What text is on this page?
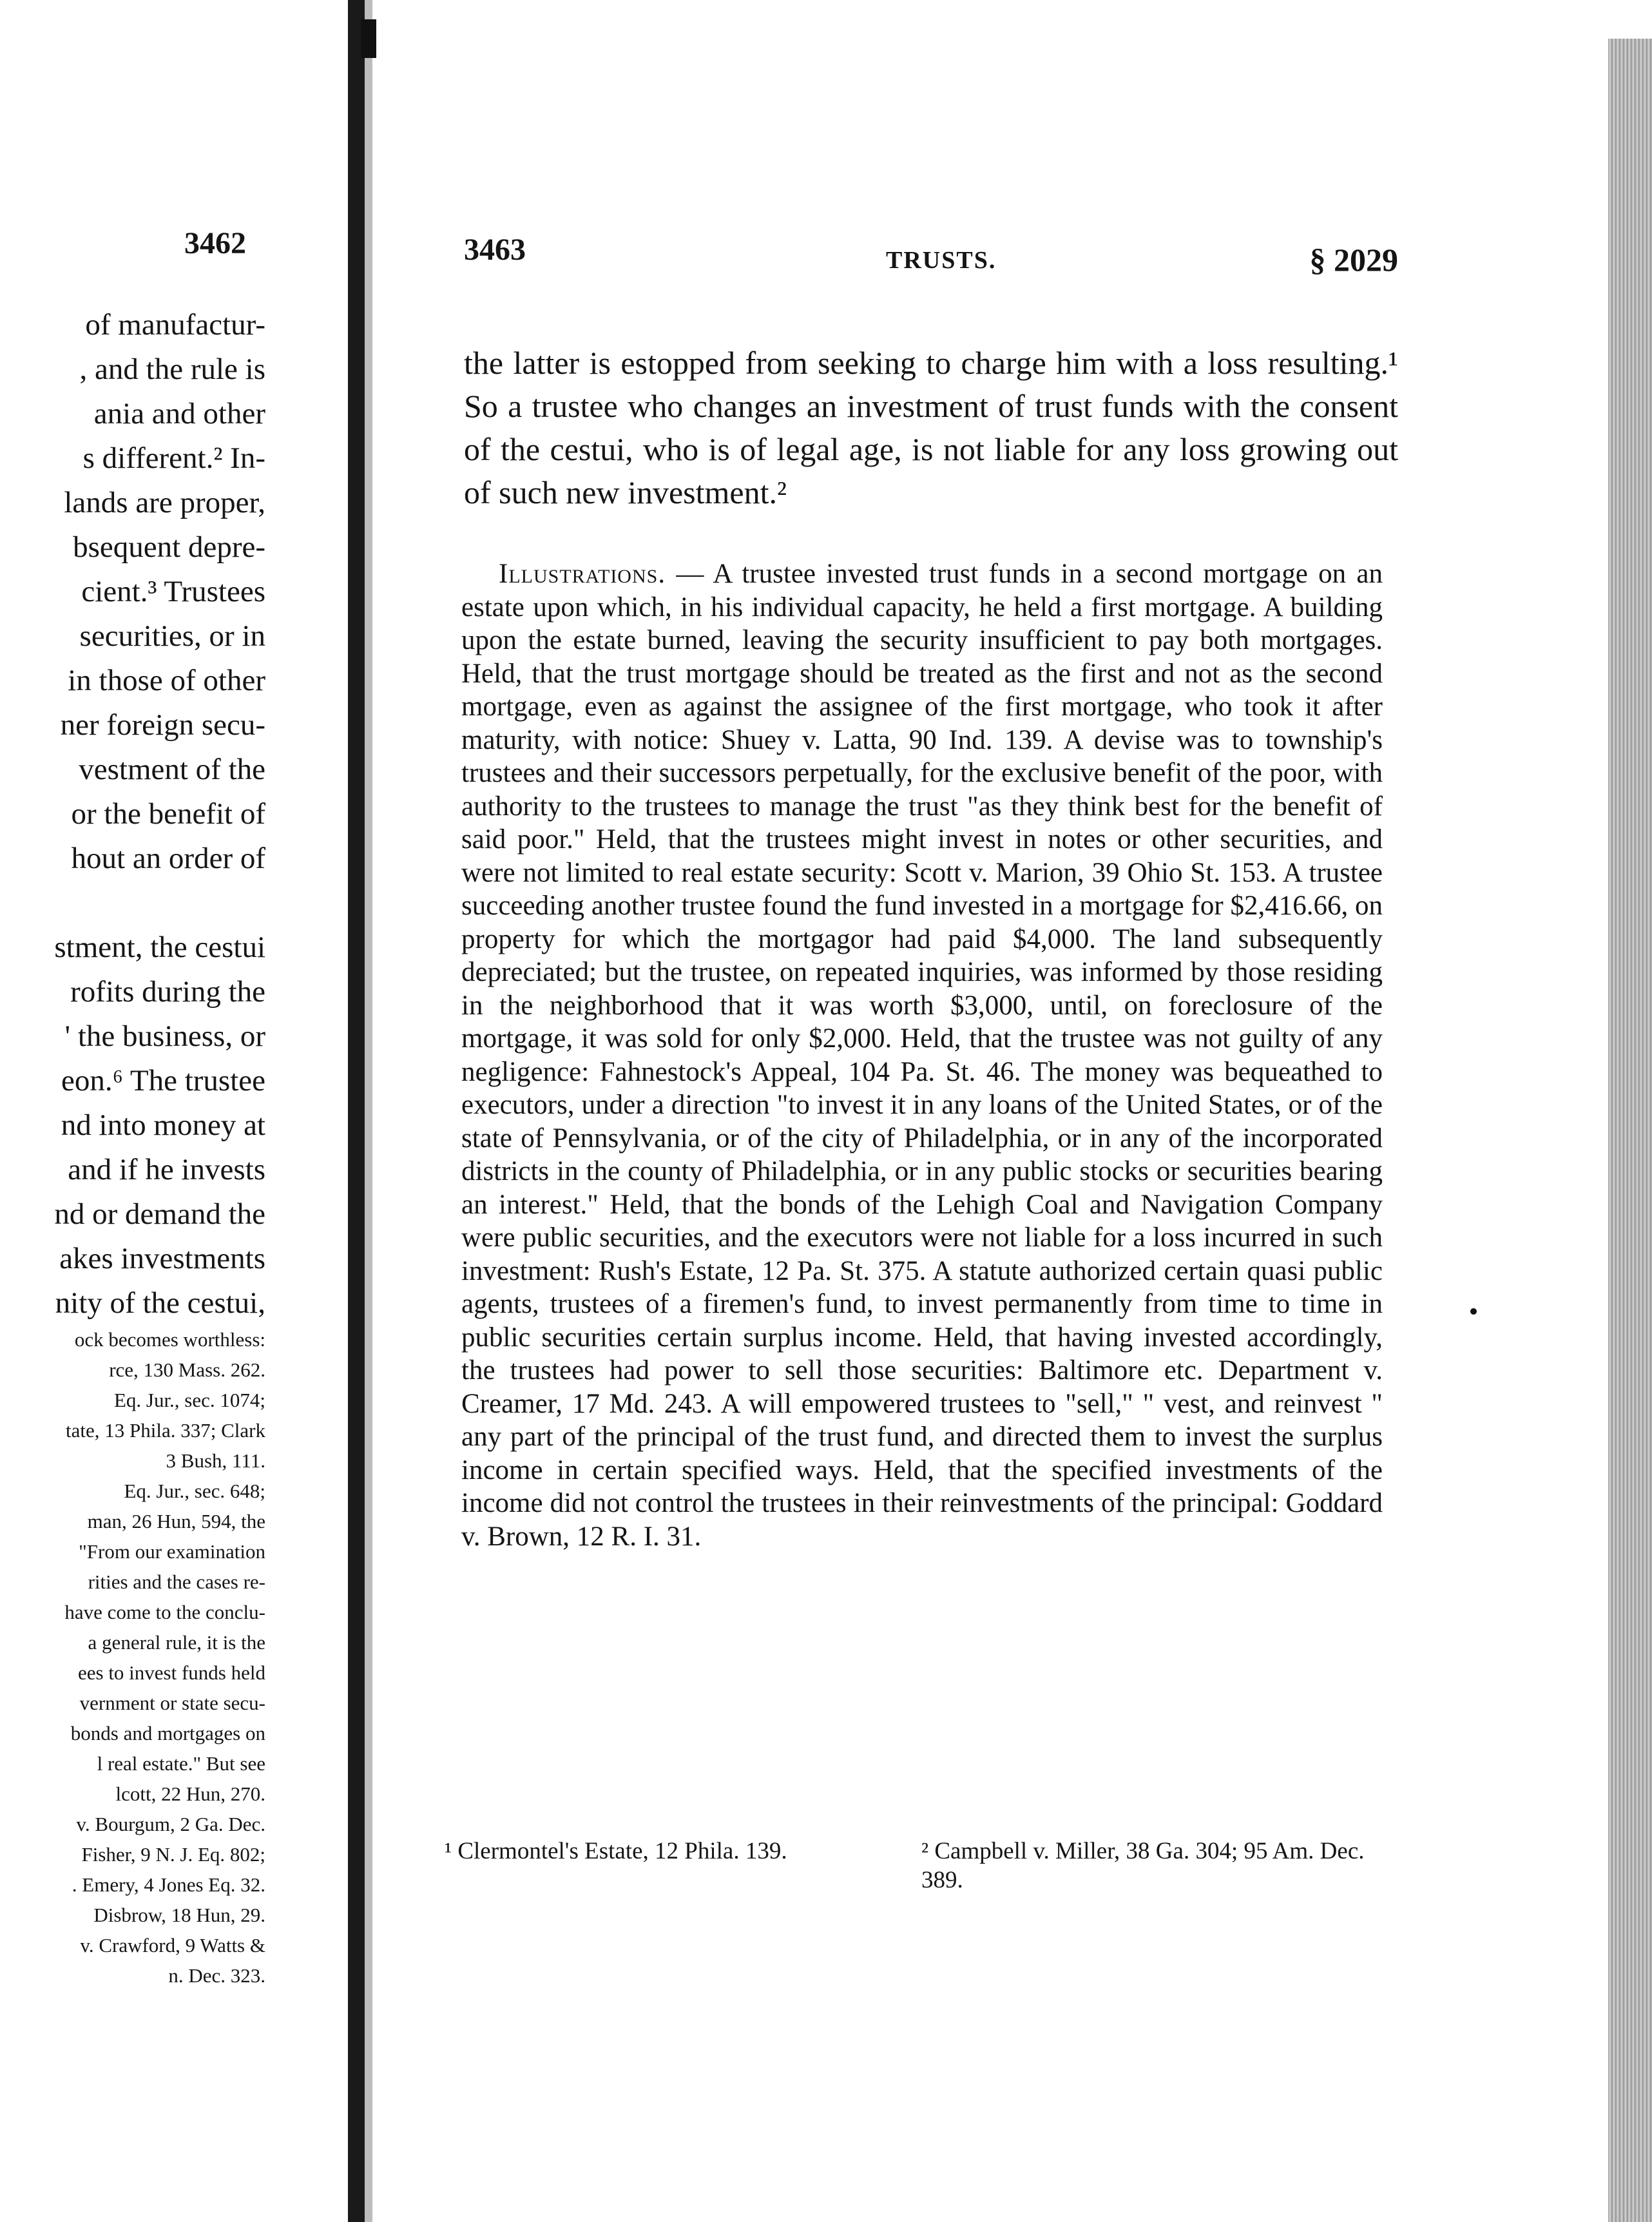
3462
of manufactur-
, and the rule is
ania and other
s different.² In-
lands are proper,
bsequent depre-
cient.³ Trustees
securities, or in
in those of other
ner foreign secu-
vestment of the
or the benefit of
hout an order of

stment, the cestui
rofits during the
' the business, or
eon.⁶ The trustee
nd into money at
and if he invests
nd or demand the
akes investments
nity of the cestui,
ock becomes worthless:
rce, 130 Mass. 262.
Eq. Jur., sec. 1074;
tate, 13 Phila. 337; Clark
3 Bush, 111.
Eq. Jur., sec. 648;
man, 26 Hun, 594, the
"From our examination
rities and the cases re-
have come to the conclu-
a general rule, it is the
ees to invest funds held
vernment or state secu-
bonds and mortgages on
l real estate." But see
lcott, 22 Hun, 270.
v. Bourgum, 2 Ga. Dec.
Fisher, 9 N. J. Eq. 802;
. Emery, 4 Jones Eq. 32.
Disbrow, 18 Hun, 29.
v. Crawford, 9 Watts &
n. Dec. 323.
3463	TRUSTS.	§ 2029

the latter is estopped from seeking to charge him with a loss resulting.¹ So a trustee who changes an investment of trust funds with the consent of the cestui, who is of legal age, is not liable for any loss growing out of such new investment.²

Illustrations. — A trustee invested trust funds in a second mortgage on an estate upon which, in his individual capacity, he held a first mortgage. A building upon the estate burned, leaving the security insufficient to pay both mortgages. Held, that the trust mortgage should be treated as the first and not as the second mortgage, even as against the assignee of the first mortgage, who took it after maturity, with notice: Shuey v. Latta, 90 Ind. 139. A devise was to township's trustees and their successors perpetually, for the exclusive benefit of the poor, with authority to the trustees to manage the trust "as they think best for the benefit of said poor." Held, that the trustees might invest in notes or other securities, and were not limited to real estate security: Scott v. Marion, 39 Ohio St. 153. A trustee succeeding another trustee found the fund invested in a mortgage for $2,416.66, on property for which the mortgagor had paid $4,000. The land subsequently depreciated; but the trustee, on repeated inquiries, was informed by those residing in the neighborhood that it was worth $3,000, until, on foreclosure of the mortgage, it was sold for only $2,000. Held, that the trustee was not guilty of any negligence: Fahnestock's Appeal, 104 Pa. St. 46. The money was bequeathed to executors, under a direction "to invest it in any loans of the United States, or of the state of Pennsylvania, or of the city of Philadelphia, or in any of the incorporated districts in the county of Philadelphia, or in any public stocks or securities bearing an interest." Held, that the bonds of the Lehigh Coal and Navigation Company were public securities, and the executors were not liable for a loss incurred in such investment: Rush's Estate, 12 Pa. St. 375. A statute authorized certain quasi public agents, trustees of a firemen's fund, to invest permanently from time to time in public securities certain surplus income. Held, that having invested accordingly, the trustees had power to sell those securities: Baltimore etc. Department v. Creamer, 17 Md. 243. A will empowered trustees to "sell," " vest, and reinvest " any part of the principal of the trust fund, and directed them to invest the surplus income in certain specified ways. Held, that the specified investments of the income did not control the trustees in their reinvestments of the principal: Goddard v. Brown, 12 R. I. 31.

¹ Clermontel's Estate, 12 Phila. 139.	² Campbell v. Miller, 38 Ga. 304; 95 Am. Dec. 389.
